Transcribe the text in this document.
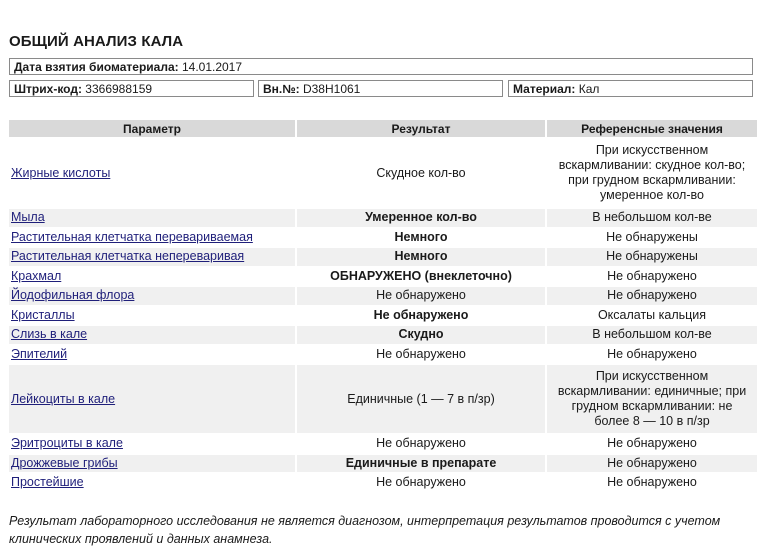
ОБЩИЙ АНАЛИЗ КАЛА
Дата взятия биоматериала: 14.01.2017
Штрих-код: 3366988159	Вн.№: D38H1061	Материал: Кал
Параметр	Результат	Референсные значения
Жирные кислоты	Скудное кол-во	При искусственном вскармливании: скудное кол-во; при грудном вскармливании: умеренное кол-во
Мыла	Умеренное кол-во	В небольшом кол-ве
Растительная клетчатка перевариваемая	Немного	Не обнаружены
Растительная клетчатка непереваривая	Немного	Не обнаружены
Крахмал	ОБНАРУЖЕНО (внеклеточно)	Не обнаружено
Йодофильная флора	Не обнаружено	Не обнаружено
Кристаллы	Не обнаружено	Оксалаты кальция
Слизь в кале	Скудно	В небольшом кол-ве
Эпителий	Не обнаружено	Не обнаружено
Лейкоциты в кале	Единичные (1 — 7 в п/зр)	При искусственном вскармливании: единичные; при грудном вскармливании: не более 8 — 10 в п/зр
Эритроциты в кале	Не обнаружено	Не обнаружено
Дрожжевые грибы	Единичные в препарате	Не обнаружено
Простейшие	Не обнаружено	Не обнаружено
Результат лабораторного исследования не является диагнозом, интерпретация результатов проводится с учетом клинических проявлений и данных анамнеза.
